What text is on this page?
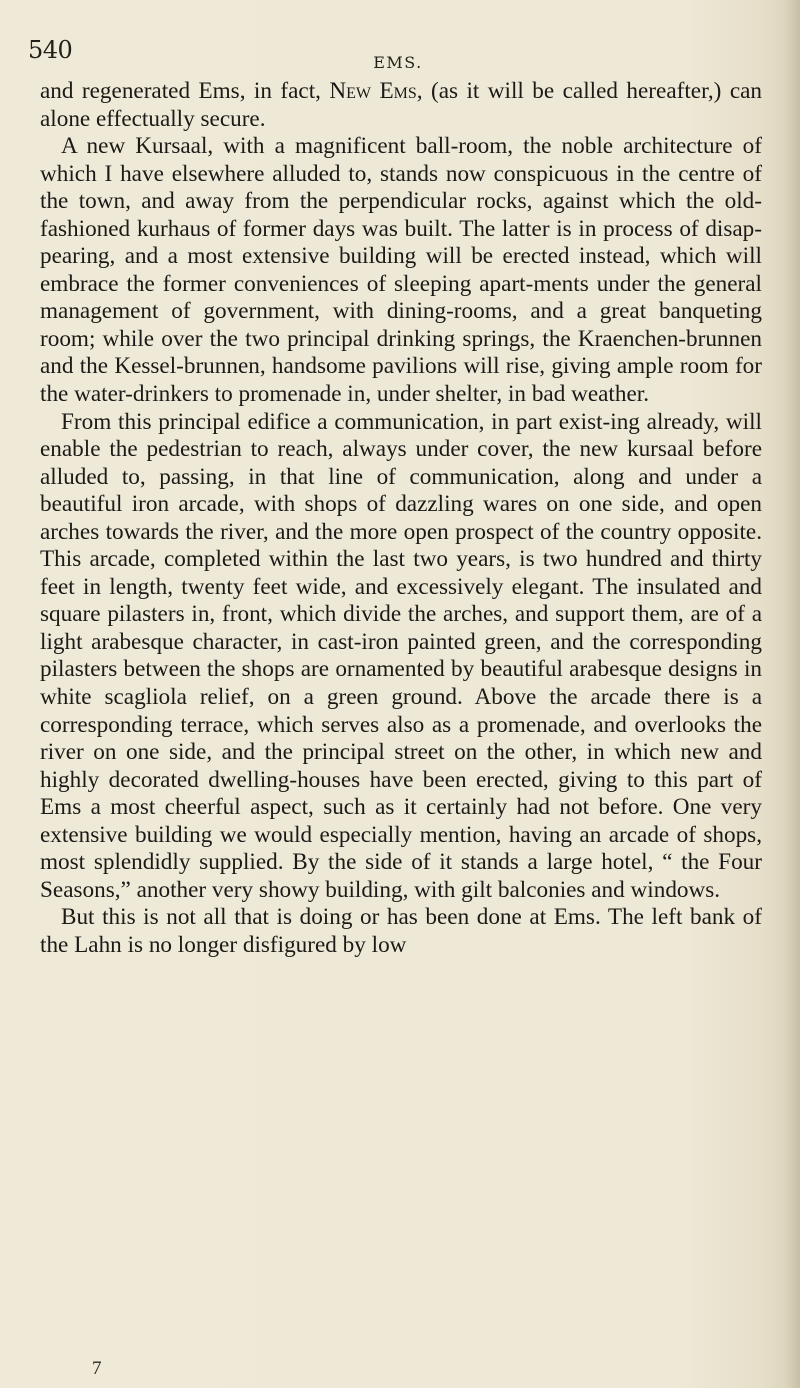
540	EMS.

and regenerated Ems, in fact, New Ems, (as it will be called hereafter,) can alone effectually secure.

A new Kursaal, with a magnificent ball-room, the noble architecture of which I have elsewhere alluded to, stands now conspicuous in the centre of the town, and away from the perpendicular rocks, against which the old-fashioned kurhaus of former days was built. The latter is in process of disap-pearing, and a most extensive building will be erected instead, which will embrace the former conveniences of sleeping apart-ments under the general management of government, with dining-rooms, and a great banqueting room; while over the two principal drinking springs, the Kraenchen-brunnen and the Kessel-brunnen, handsome pavilions will rise, giving ample room for the water-drinkers to promenade in, under shelter, in bad weather.

From this principal edifice a communication, in part exist-ing already, will enable the pedestrian to reach, always under cover, the new kursaal before alluded to, passing, in that line of communication, along and under a beautiful iron arcade, with shops of dazzling wares on one side, and open arches towards the river, and the more open prospect of the country opposite. This arcade, completed within the last two years, is two hundred and thirty feet in length, twenty feet wide, and excessively elegant. The insulated and square pilasters in, front, which divide the arches, and support them, are of a light arabesque character, in cast-iron painted green, and the corresponding pilasters between the shops are ornamented by beautiful arabesque designs in white scagliola relief, on a green ground. Above the arcade there is a corresponding terrace, which serves also as a promenade, and overlooks the river on one side, and the principal street on the other, in which new and highly decorated dwelling-houses have been erected, giving to this part of Ems a most cheerful aspect, such as it certainly had not before. One very extensive building we would especially mention, having an arcade of shops, most splendidly supplied. By the side of it stands a large hotel, “ the Four Seasons,” another very showy building, with gilt balconies and windows.

But this is not all that is doing or has been done at Ems. The left bank of the Lahn is no longer disfigured by low

7
